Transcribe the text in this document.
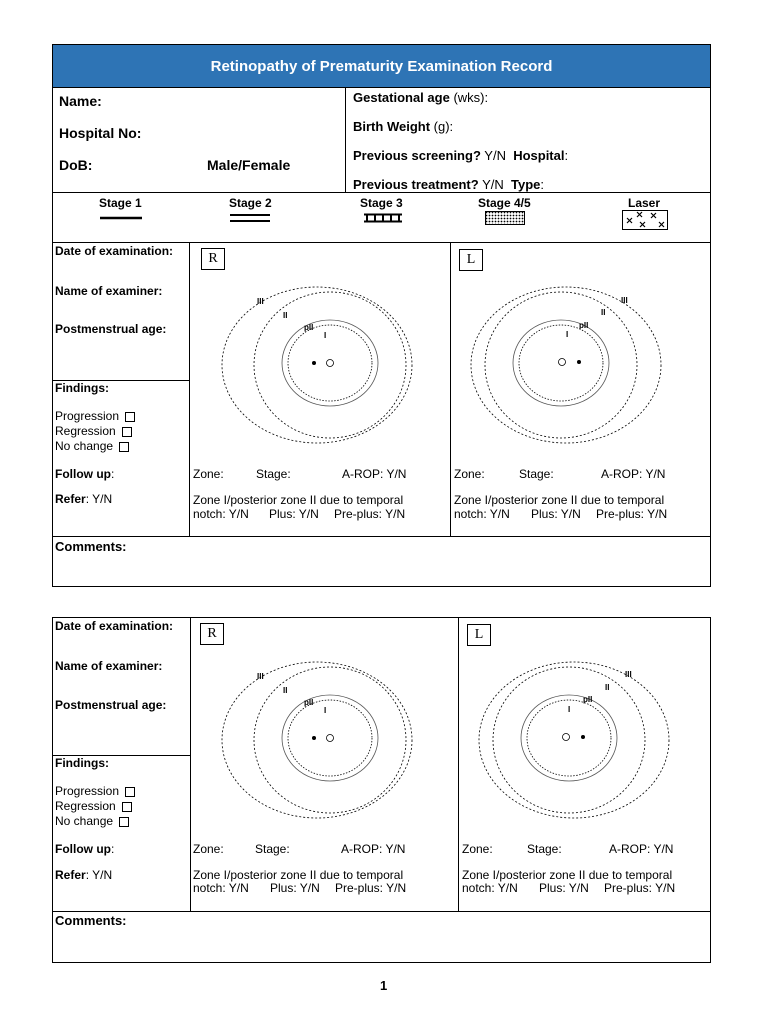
Retinopathy of Prematurity Examination Record
Name:
Hospital No:
DoB:	Male/Female
Gestational age (wks):
Birth Weight (g):
Previous screening? Y/N Hospital:
Previous treatment? Y/N Type:
Stage 1	Stage 2	Stage 3	Stage 4/5	Laser
Date of examination:
Name of examiner:
Postmenstrual age:
Findings:
Progression
Regression
No change
Follow up:
Refer: Y/N
R
III
II
pII
I
Zone:	Stage:	A-ROP: Y/N
Zone I/posterior zone II due to temporal
notch: Y/N Plus: Y/N Pre-plus: Y/N
L
III
II
pII
I
Zone:	Stage:	A-ROP: Y/N
Zone I/posterior zone II due to temporal
notch: Y/N Plus: Y/N Pre-plus: Y/N
Comments:
Date of examination:
Name of examiner:
Postmenstrual age:
Findings:
Progression
Regression
No change
Follow up:
Refer: Y/N
R
III
II
pII
I
Zone:	Stage:	A-ROP: Y/N
Zone I/posterior zone II due to temporal
notch: Y/N Plus: Y/N Pre-plus: Y/N
L
III
II
pII
I
Zone:	Stage:	A-ROP: Y/N
Zone I/posterior zone II due to temporal
notch: Y/N Plus: Y/N Pre-plus: Y/N
Comments:
1
